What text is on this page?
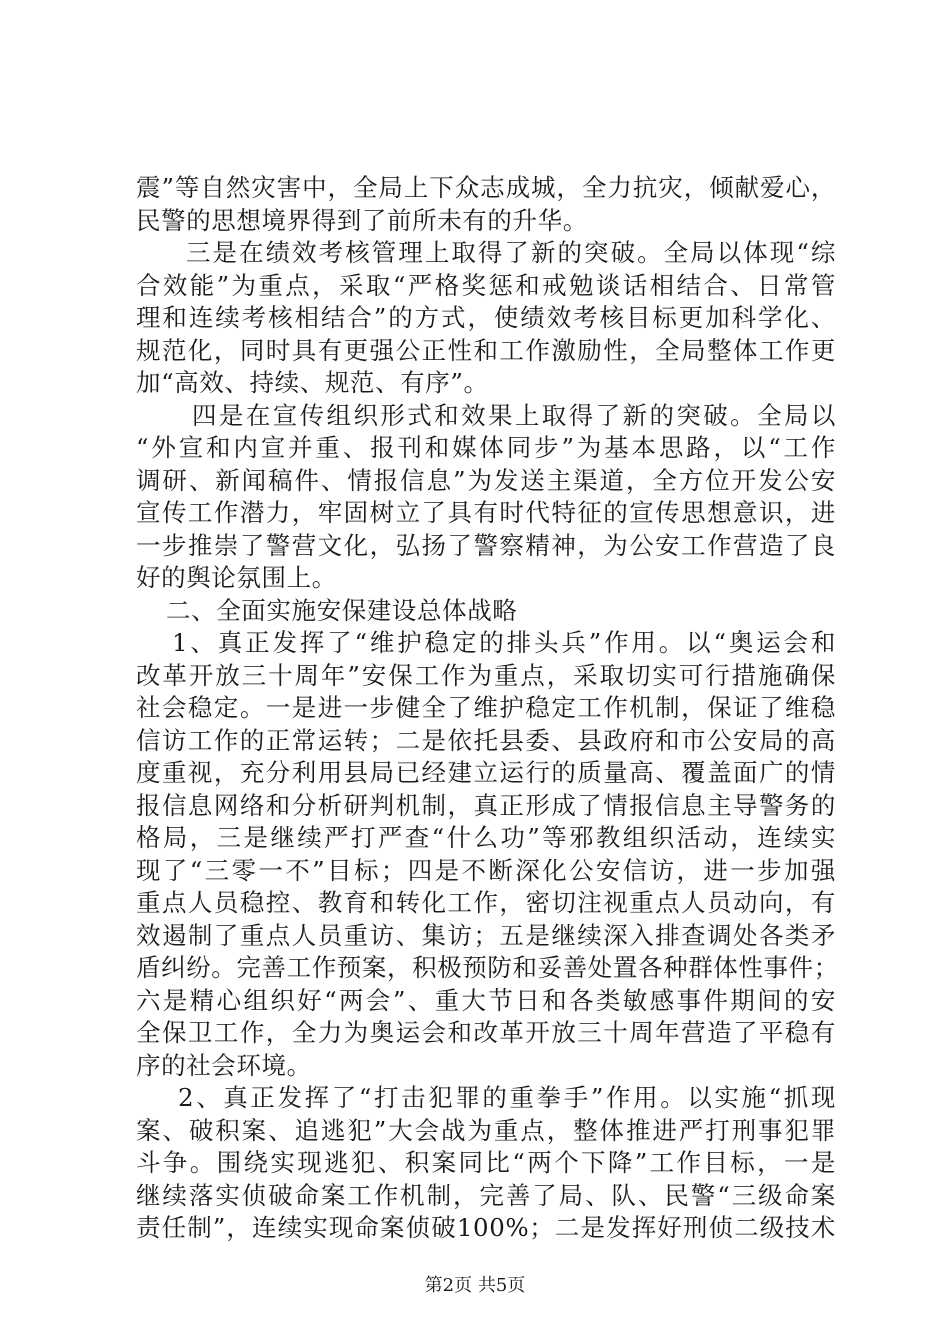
震”等自然灾害中，全局上下众志成城，全力抗灾，倾献爱心，
民警的思想境界得到了前所未有的升华。
三是在绩效考核管理上取得了新的突破。全局以体现“综
合效能”为重点，采取“严格奖惩和戒勉谈话相结合、日常管
理和连续考核相结合”的方式，使绩效考核目标更加科学化、
规范化，同时具有更强公正性和工作激励性，全局整体工作更
加“高效、持续、规范、有序”。
四是在宣传组织形式和效果上取得了新的突破。全局以
“外宣和内宣并重、报刊和媒体同步”为基本思路，以“工作
调研、新闻稿件、情报信息”为发送主渠道，全方位开发公安
宣传工作潜力，牢固树立了具有时代特征的宣传思想意识，进
一步推崇了警营文化，弘扬了警察精神，为公安工作营造了良
好的舆论氛围上。
二、全面实施安保建设总体战略
1、真正发挥了“维护稳定的排头兵”作用。以“奥运会和
改革开放三十周年”安保工作为重点，采取切实可行措施确保
社会稳定。一是进一步健全了维护稳定工作机制，保证了维稳
信访工作的正常运转；二是依托县委、县政府和市公安局的高
度重视，充分利用县局已经建立运行的质量高、覆盖面广的情
报信息网络和分析研判机制，真正形成了情报信息主导警务的
格局，三是继续严打严查“什么功”等邪教组织活动，连续实
现了“三零一不”目标；四是不断深化公安信访，进一步加强
重点人员稳控、教育和转化工作，密切注视重点人员动向，有
效遏制了重点人员重访、集访；五是继续深入排查调处各类矛
盾纠纷。完善工作预案，积极预防和妥善处置各种群体性事件；
六是精心组织好“两会”、重大节日和各类敏感事件期间的安
全保卫工作，全力为奥运会和改革开放三十周年营造了平稳有
序的社会环境。
2、真正发挥了“打击犯罪的重拳手”作用。以实施“抓现
案、破积案、追逃犯”大会战为重点，整体推进严打刑事犯罪
斗争。围绕实现逃犯、积案同比“两个下降”工作目标，一是
继续落实侦破命案工作机制，完善了局、队、民警“三级命案
责任制”，连续实现命案侦破100%；二是发挥好刑侦二级技术
第2页 共5页
